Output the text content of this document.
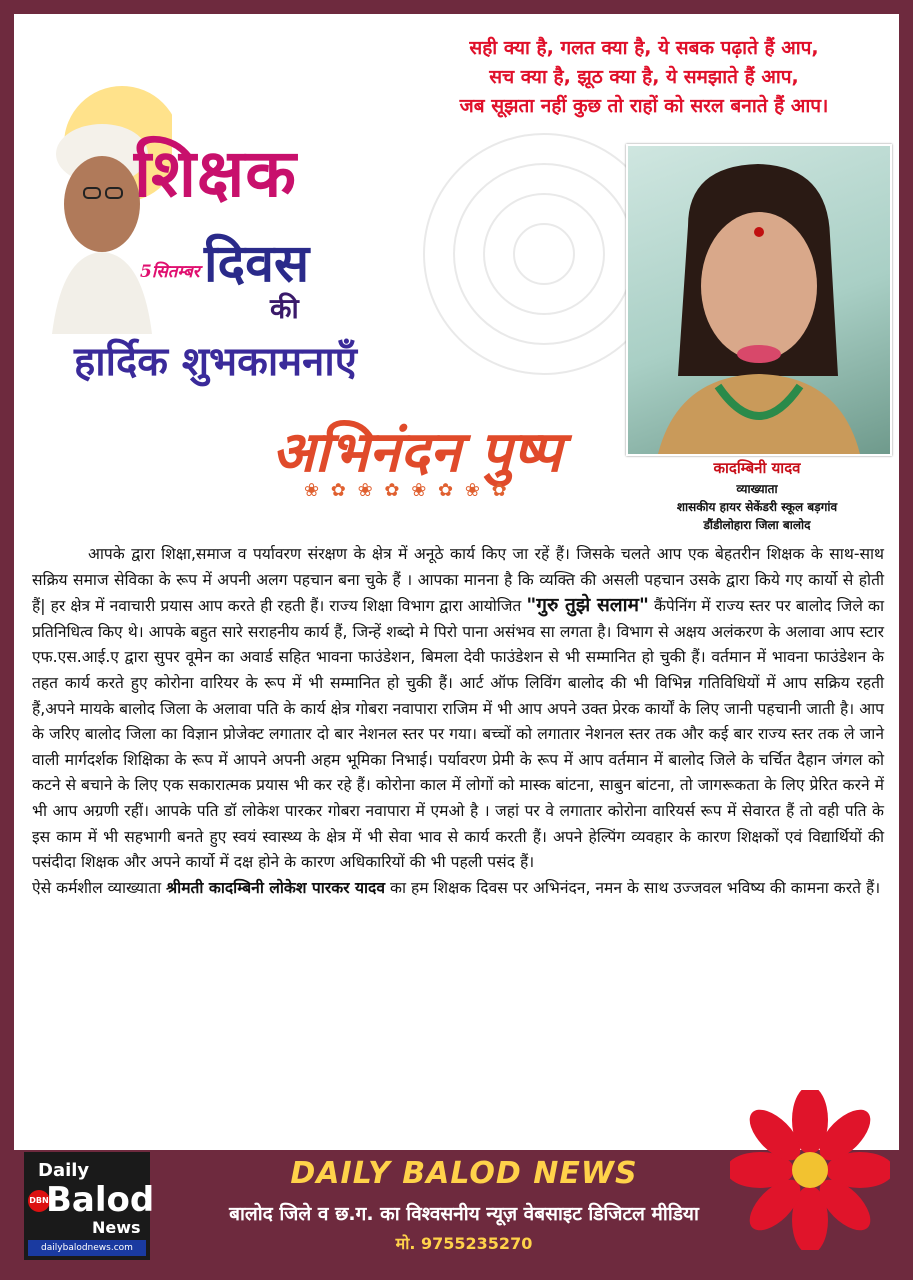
शिक्षक
5सितम्बर दिवस
की
हार्दिक शुभकामनाएँ
अभिनंदन पुष्प
❀ ✿ ❀ ✿ ❀ ✿ ❀ ✿
सही क्या है, गलत क्या है, ये सबक पढ़ाते हैं आप,
सच क्या है, झूठ क्या है, ये समझाते हैं आप,
जब सूझता नहीं कुछ तो राहों को सरल बनाते हैं आप।
कादम्बिनी यादव
व्याख्याता
शासकीय हायर सेकेंडरी स्कूल बड़गांव
डौंडीलोहारा जिला बालोद

आपके द्वारा शिक्षा,समाज व पर्यावरण संरक्षण के क्षेत्र में अनूठे कार्य किए जा रहें हैं। जिसके चलते आप एक बेहतरीन शिक्षक के साथ-साथ सक्रिय समाज सेविका के रूप में अपनी अलग पहचान बना चुके हैं । आपका मानना है कि व्यक्ति की असली पहचान उसके द्वारा किये गए कार्यो से होती हैं| हर क्षेत्र में नवाचारी प्रयास आप करते ही रहती हैं। राज्य शिक्षा विभाग द्वारा आयोजित "गुरु तुझे सलाम" कैंपेनिंग में राज्य स्तर पर बालोद जिले का प्रतिनिधित्व किए थे। आपके बहुत सारे सराहनीय कार्य हैं, जिन्हें शब्दो मे पिरो पाना असंभव सा लगता है। विभाग से अक्षय अलंकरण के अलावा आप स्टार एफ.एस.आई.ए द्वारा सुपर वूमेन का अवार्ड सहित भावना फाउंडेशन, बिमला देवी फाउंडेशन से भी सम्मानित हो चुकी हैं। वर्तमान में भावना फाउंडेशन के तहत कार्य करते हुए कोरोना वारियर के रूप में भी सम्मानित हो चुकी हैं। आर्ट ऑफ लिविंग बालोद की भी विभिन्न गतिविधियों में आप सक्रिय रहती हैं,अपने मायके बालोद जिला के अलावा पति के कार्य क्षेत्र गोबरा नवापारा राजिम में भी आप अपने उक्त प्रेरक कार्यों के लिए जानी पहचानी जाती है। आप के जरिए बालोद जिला का विज्ञान प्रोजेक्ट लगातार दो बार नेशनल स्तर पर गया। बच्चों को लगातार नेशनल स्तर तक और कई बार राज्य स्तर तक ले जाने वाली मार्गदर्शक शिक्षिका के रूप में आपने अपनी अहम भूमिका निभाई। पर्यावरण प्रेमी के रूप में आप वर्तमान में बालोद जिले के चर्चित दैहान जंगल को कटने से बचाने के लिए एक सकारात्मक प्रयास भी कर रहे हैं। कोरोना काल में लोगों को मास्क बांटना, साबुन बांटना, तो जागरूकता के लिए प्रेरित करने में भी आप अग्रणी रहीं। आपके पति डॉ लोकेश पारकर गोबरा नवापारा में एमओ है । जहां पर वे लगातार कोरोना वारियर्स रूप में सेवारत हैं तो वही पति के इस काम में भी सहभागी बनते हुए स्वयं स्वास्थ्य के क्षेत्र में भी सेवा भाव से कार्य करती हैं। अपने हेल्पिंग व्यवहार के कारण शिक्षकों एवं विद्यार्थियों की पसंदीदा शिक्षक और अपने कार्यो में दक्ष होने के कारण अधिकारियों की भी पहली पसंद हैं।

ऐसे कर्मशील व्याख्याता श्रीमती कादम्बिनी लोकेश पारकर यादव का हम शिक्षक दिवस पर अभिनंदन, नमन के साथ उज्जवल भविष्य की कामना करते हैं।

Daily
DBN
Balod
News
dailybalodnews.com
DAILY BALOD NEWS
बालोद जिले व छ.ग. का विश्वसनीय न्यूज़ वेबसाइट डिजिटल मीडिया
मो. 9755235270
